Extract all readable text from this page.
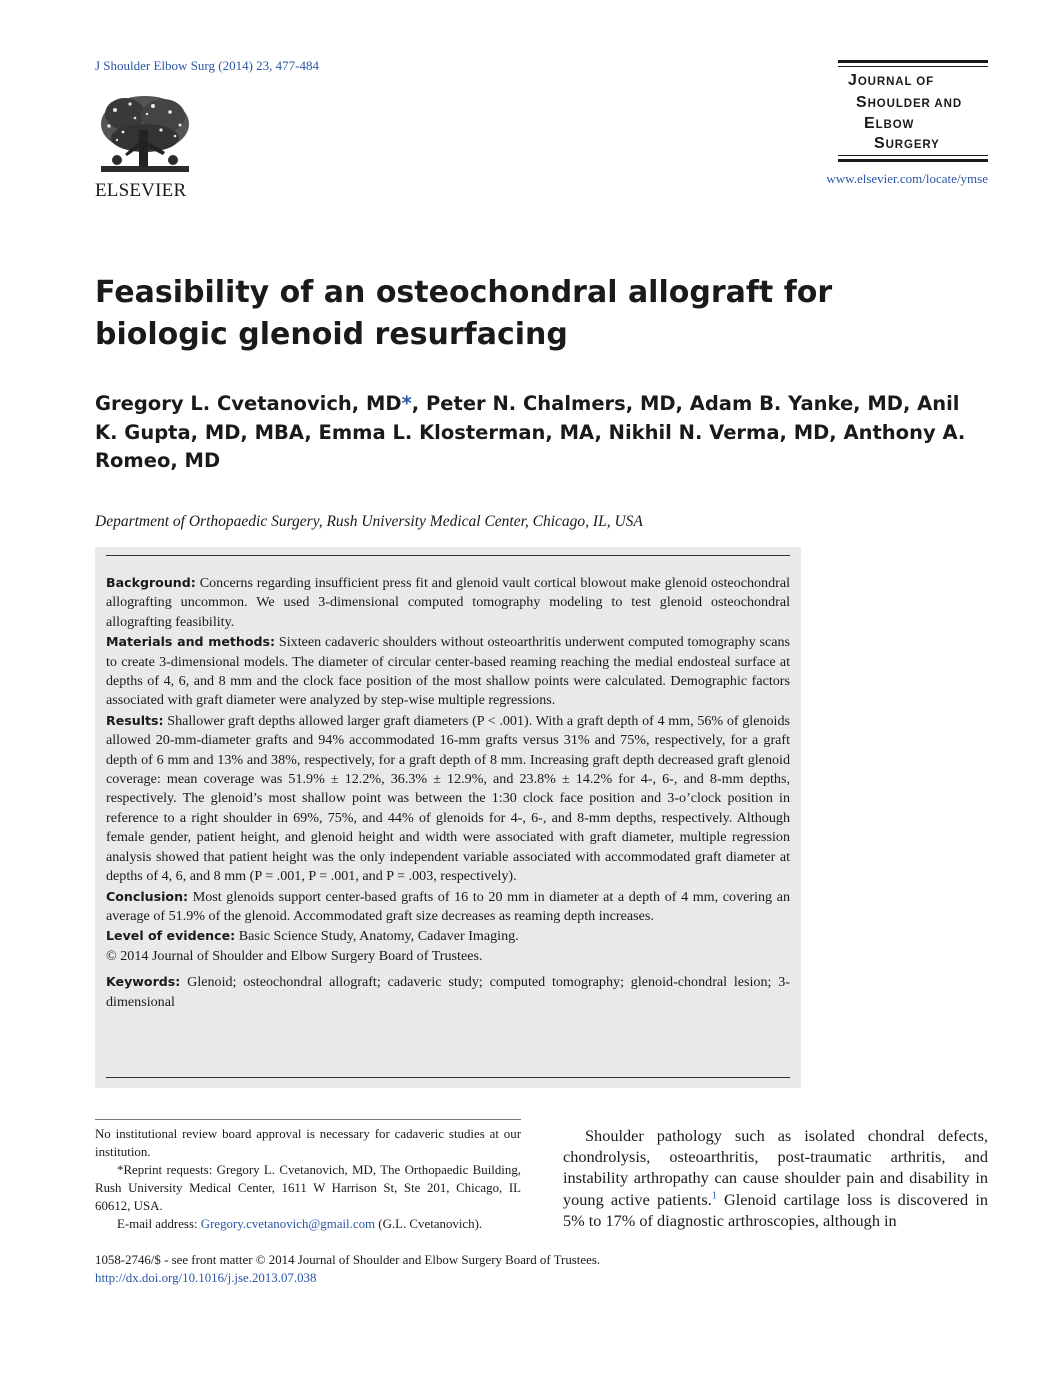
J Shoulder Elbow Surg (2014) 23, 477-484
ELSEVIER
JOURNAL OF
SHOULDER AND
ELBOW
SURGERY
www.elsevier.com/locate/ymse
Feasibility of an osteochondral allograft for biologic glenoid resurfacing

Gregory L. Cvetanovich, MD*, Peter N. Chalmers, MD, Adam B. Yanke, MD, Anil K. Gupta, MD, MBA, Emma L. Klosterman, MA, Nikhil N. Verma, MD, Anthony A. Romeo, MD

Department of Orthopaedic Surgery, Rush University Medical Center, Chicago, IL, USA

Background: Concerns regarding insufficient press fit and glenoid vault cortical blowout make glenoid osteochondral allografting uncommon. We used 3-dimensional computed tomography modeling to test glenoid osteochondral allografting feasibility.

Materials and methods: Sixteen cadaveric shoulders without osteoarthritis underwent computed tomography scans to create 3-dimensional models. The diameter of circular center-based reaming reaching the medial endosteal surface at depths of 4, 6, and 8 mm and the clock face position of the most shallow points were calculated. Demographic factors associated with graft diameter were analyzed by step-wise multiple regressions.

Results: Shallower graft depths allowed larger graft diameters (P < .001). With a graft depth of 4 mm, 56% of glenoids allowed 20-mm-diameter grafts and 94% accommodated 16-mm grafts versus 31% and 75%, respectively, for a graft depth of 6 mm and 13% and 38%, respectively, for a graft depth of 8 mm. Increasing graft depth decreased graft glenoid coverage: mean coverage was 51.9% ± 12.2%, 36.3% ± 12.9%, and 23.8% ± 14.2% for 4-, 6-, and 8-mm depths, respectively. The glenoid’s most shallow point was between the 1:30 clock face position and 3-o’clock position in reference to a right shoulder in 69%, 75%, and 44% of glenoids for 4-, 6-, and 8-mm depths, respectively. Although female gender, patient height, and glenoid height and width were associated with graft diameter, multiple regression analysis showed that patient height was the only independent variable associated with accommodated graft diameter at depths of 4, 6, and 8 mm (P = .001, P = .001, and P = .003, respectively).

Conclusion: Most glenoids support center-based grafts of 16 to 20 mm in diameter at a depth of 4 mm, covering an average of 51.9% of the glenoid. Accommodated graft size decreases as reaming depth increases.

Level of evidence: Basic Science Study, Anatomy, Cadaver Imaging.

© 2014 Journal of Shoulder and Elbow Surgery Board of Trustees.

Keywords: Glenoid; osteochondral allograft; cadaveric study; computed tomography; glenoid-chondral lesion; 3-dimensional

No institutional review board approval is necessary for cadaveric studies at our institution.

*Reprint requests: Gregory L. Cvetanovich, MD, The Orthopaedic Building, Rush University Medical Center, 1611 W Harrison St, Ste 201, Chicago, IL 60612, USA.

E-mail address: Gregory.cvetanovich@gmail.com (G.L. Cvetanovich).

Shoulder pathology such as isolated chondral defects, chondrolysis, osteoarthritis, post-traumatic arthritis, and instability arthropathy can cause shoulder pain and disability in young active patients.$^1$ Glenoid cartilage loss is discovered in 5% to 17% of diagnostic arthroscopies, although in

1058-2746/$ - see front matter © 2014 Journal of Shoulder and Elbow Surgery Board of Trustees.

http://dx.doi.org/10.1016/j.jse.2013.07.038
